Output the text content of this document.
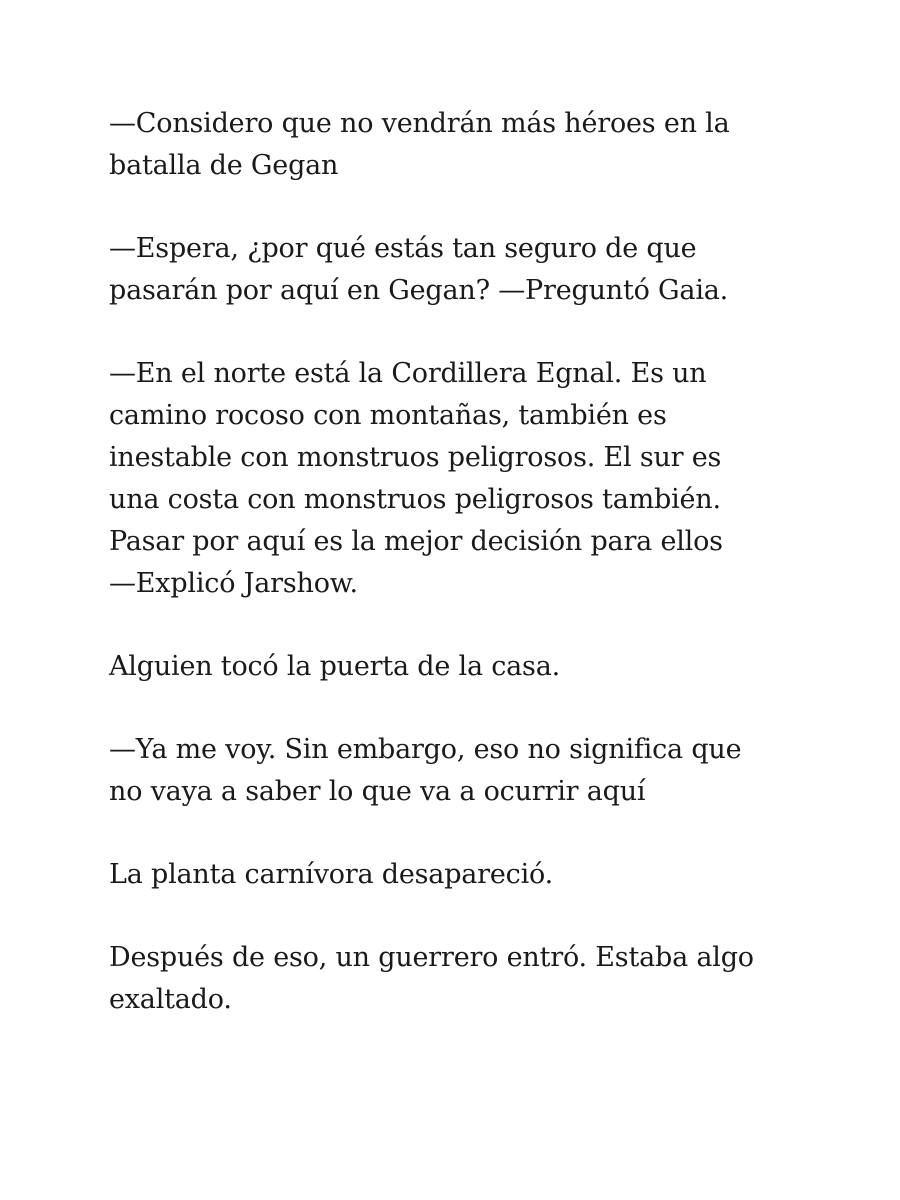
—Considero que no vendrán más héroes en la
batalla de Gegan

—Espera, ¿por qué estás tan seguro de que
pasarán por aquí en Gegan? —Preguntó Gaia.

—En el norte está la Cordillera Egnal. Es un
camino rocoso con montañas, también es
inestable con monstruos peligrosos. El sur es
una costa con monstruos peligrosos también.
Pasar por aquí es la mejor decisión para ellos
—Explicó Jarshow.

Alguien tocó la puerta de la casa.

—Ya me voy. Sin embargo, eso no significa que
no vaya a saber lo que va a ocurrir aquí

La planta carnívora desapareció.

Después de eso, un guerrero entró. Estaba algo
exaltado.
